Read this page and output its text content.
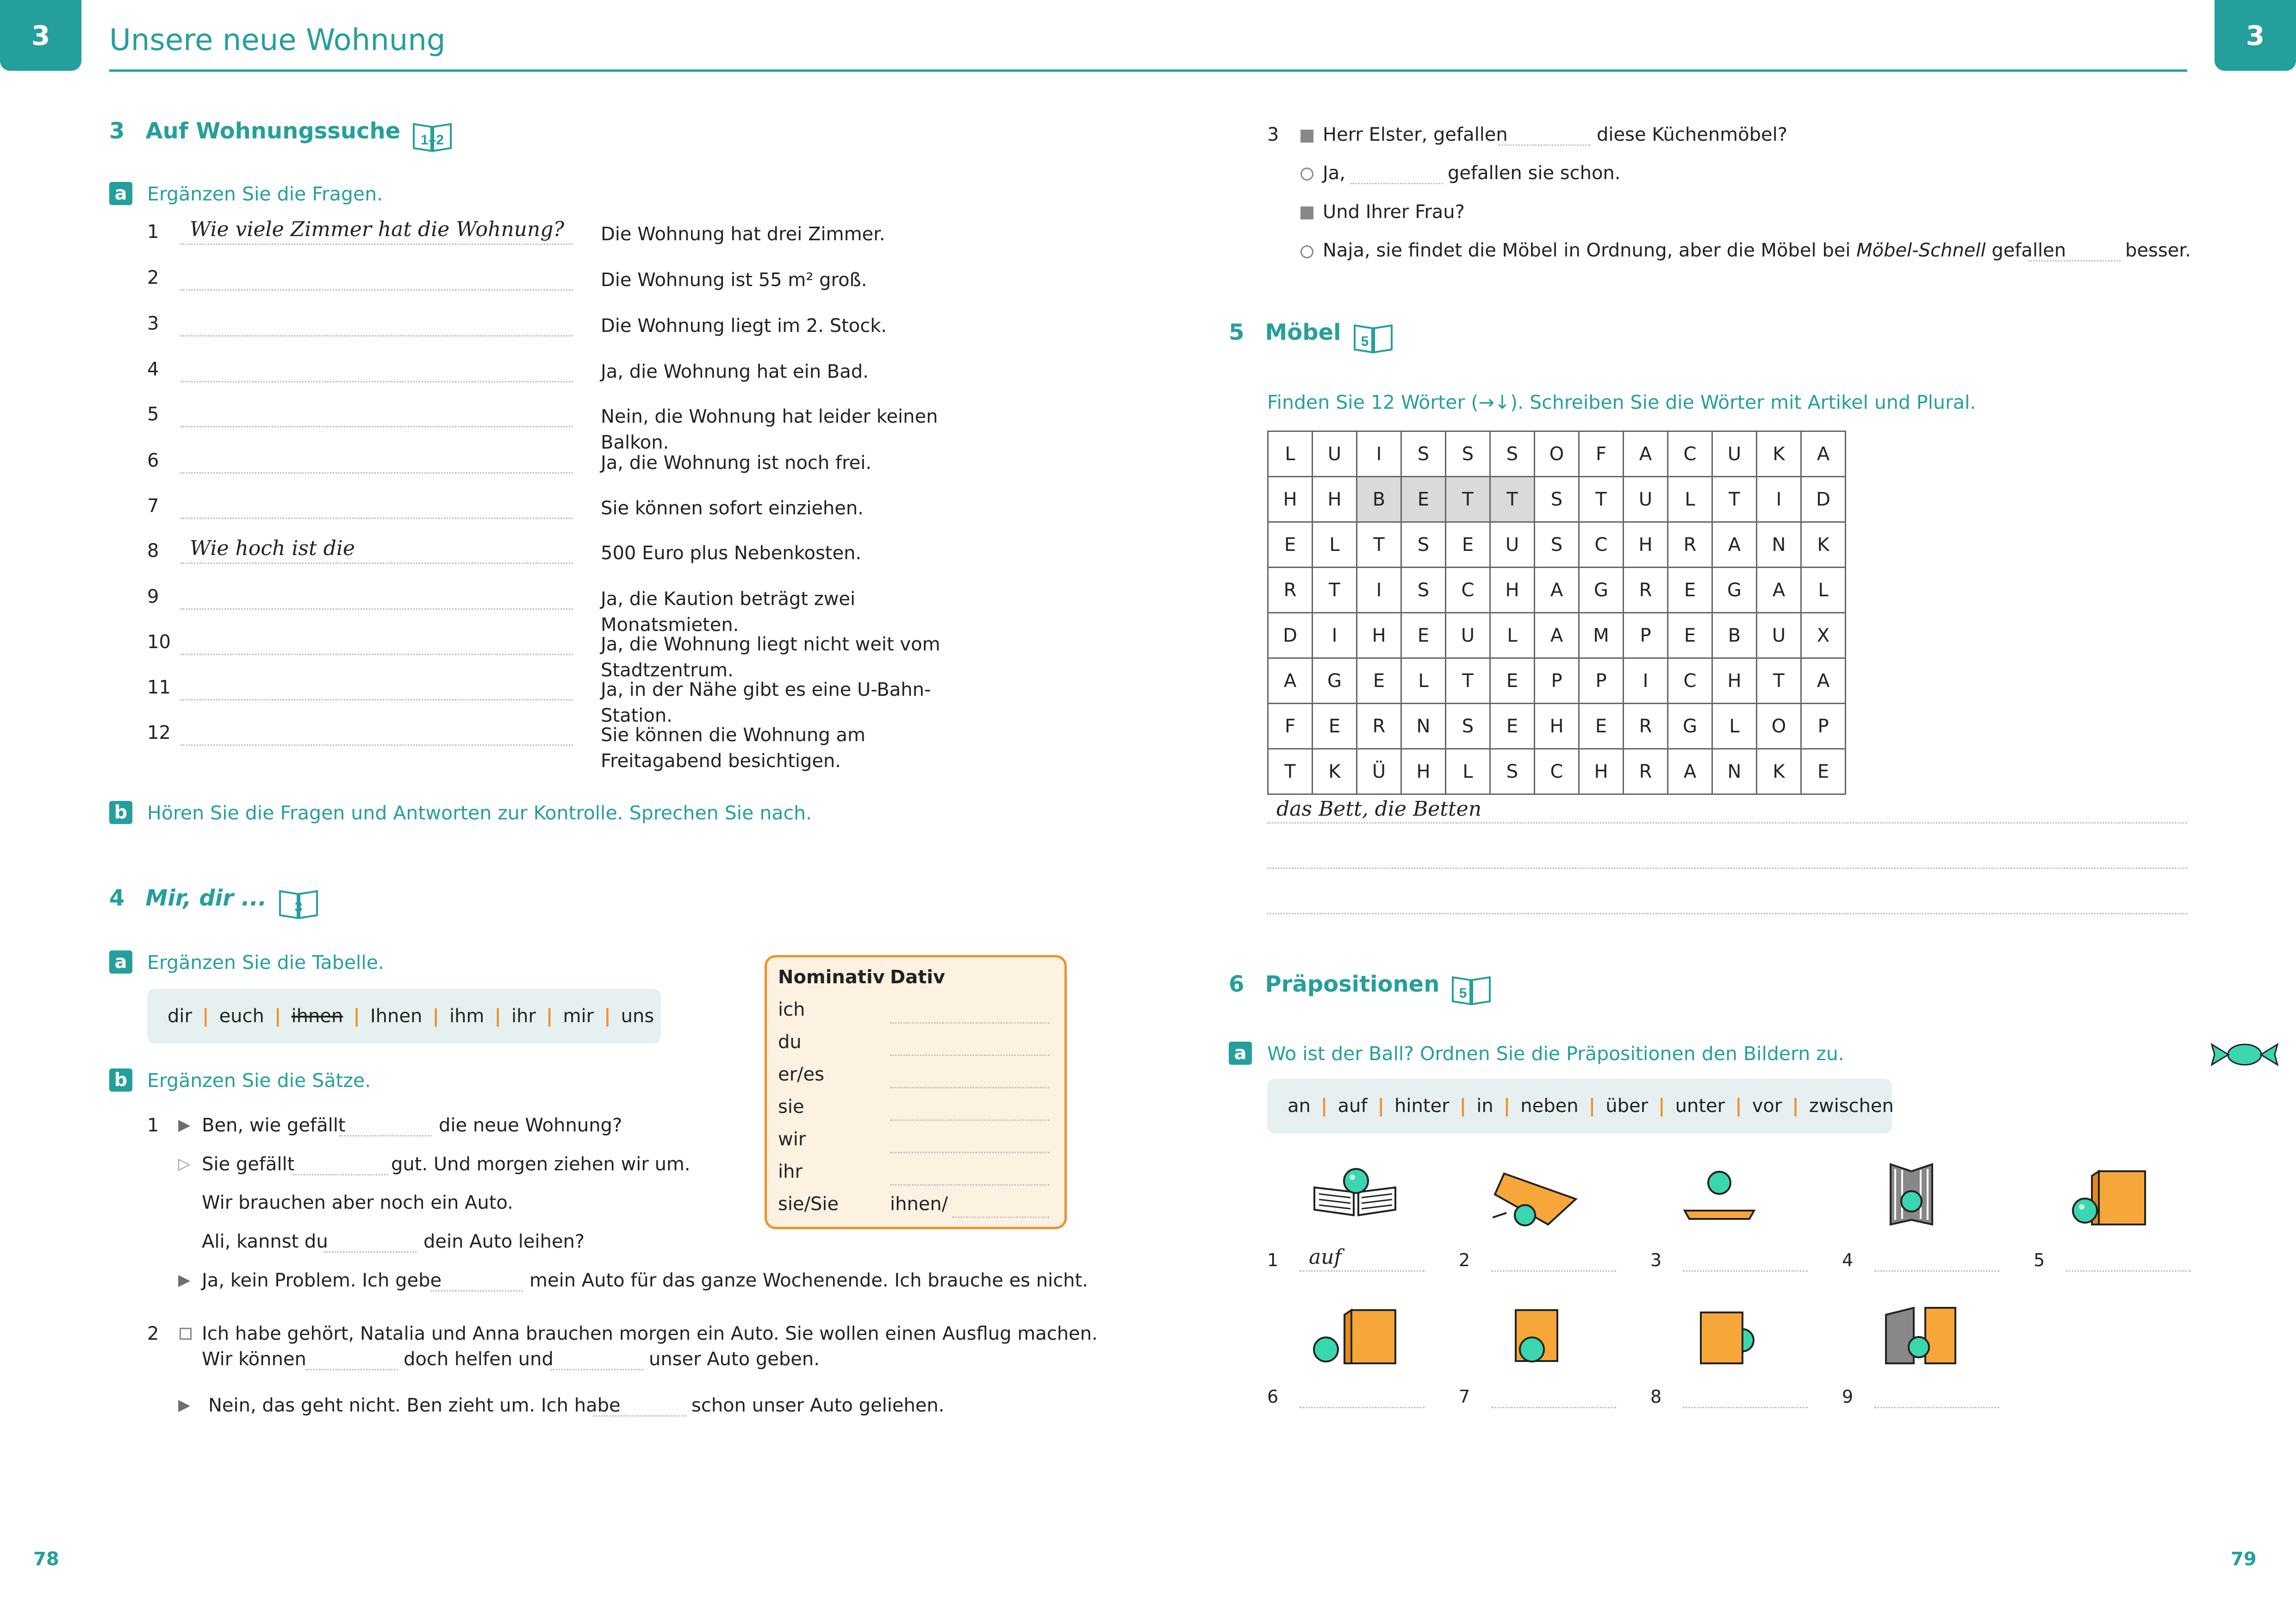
3	3
Unsere neue Wohnung
3 Auf Wohnungssuche 1–2
a Ergänzen Sie die Fragen.
1 Wie viele Zimmer hat die Wohnung? Die Wohnung hat drei Zimmer.
2	Die Wohnung ist 55 m² groß.
3	Die Wohnung liegt im 2. Stock.
4	Ja, die Wohnung hat ein Bad.
5	Nein, die Wohnung hat leider keinen Balkon.
6	Ja, die Wohnung ist noch frei.
7	Sie können sofort einziehen.
8 Wie hoch ist die	500 Euro plus Nebenkosten.
9	Ja, die Kaution beträgt zwei Monatsmieten.
10	Ja, die Wohnung liegt nicht weit vom Stadtzentrum.
11	Ja, in der Nähe gibt es eine U-Bahn-Station.
12	Sie können die Wohnung am Freitagabend besichtigen.
b Hören Sie die Fragen und Antworten zur Kontrolle. Sprechen Sie nach.
4 Mir, dir ... 3
a Ergänzen Sie die Tabelle.
dir | euch | ihnen | Ihnen | ihm | ihr | mir | uns
Nominativ Dativ
ich
du
er/es
sie
wir
ihr
sie/Sie	ihnen/
b Ergänzen Sie die Sätze.
1 ▶ Ben, wie gefällt	die neue Wohnung?
▷ Sie gefällt	gut. Und morgen ziehen wir um.
Wir brauchen aber noch ein Auto.
Ali, kannst du	dein Auto leihen?
▶ Ja, kein Problem. Ich gebe	mein Auto für das ganze Wochenende. Ich brauche es nicht.
2 Ich habe gehört, Natalia und Anna brauchen morgen ein Auto. Sie wollen einen Ausflug machen.
Wir können	doch helfen und	unser Auto geben.
▶ Nein, das geht nicht. Ben zieht um. Ich habe	schon unser Auto geliehen.
3 Herr Elster, gefallen	diese Küchenmöbel?
Ja,	gefallen sie schon.
Und Ihrer Frau?
Naja, sie findet die Möbel in Ordnung, aber die Möbel bei Möbel-Schnell gefallen	besser.
5 Möbel 5
Finden Sie 12 Wörter (→↓). Schreiben Sie die Wörter mit Artikel und Plural.
L	U	I	S	S	S	O	F	A	C	U	K	A
H	H	B	E	T	T	S	T	U	L	T	I	D
E	L	T	S	E	U	S	C	H	R	A	N	K
R	T	I	S	C	H	A	G	R	E	G	A	L
D	I	H	E	U	L	A	M	P	E	B	U	X
A	G	E	L	T	E	P	P	I	C	H	T	A
F	E	R	N	S	E	H	E	R	G	L	O	P
T	K	Ü	H	L	S	C	H	R	A	N	K	E
das Bett, die Betten
6 Präpositionen 5
a Wo ist der Ball? Ordnen Sie die Präpositionen den Bildern zu.
an | auf | hinter | in | neben | über | unter | vor | zwischen
1 auf	2	3	4	5
6	7	8	9
78	79
